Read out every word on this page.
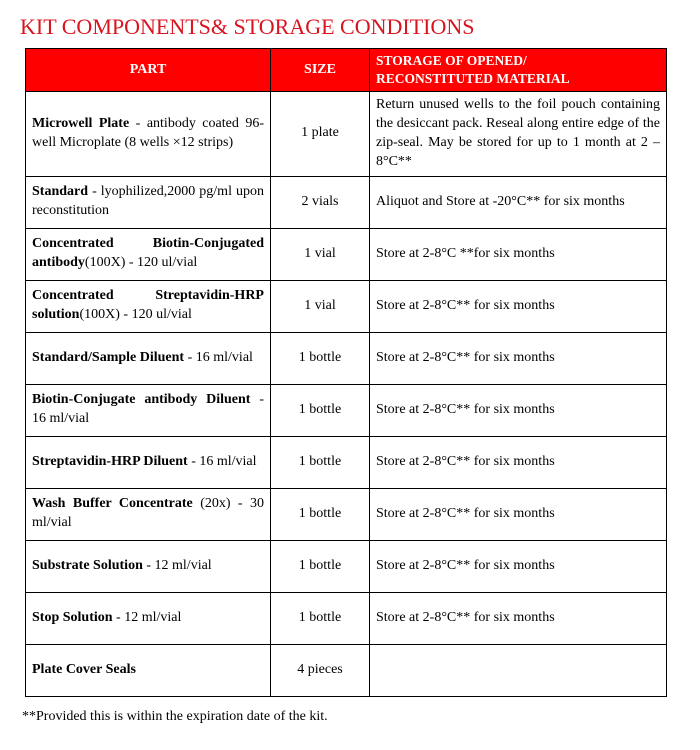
KIT COMPONENTS& STORAGE CONDITIONS
PART	SIZE	STORAGE OF OPENED/
RECONSTITUTED MATERIAL
Microwell Plate - antibody coated 96-well Microplate (8 wells ×12 strips)	1 plate	Return unused wells to the foil pouch containing the desiccant pack. Reseal along entire edge of the zip-seal. May be stored for up to 1 month at 2 – 8°C**
Standard - lyophilized,2000 pg/ml upon reconstitution	2 vials	Aliquot and Store at -20°C** for six months
Concentrated Biotin-Conjugated antibody(100X) - 120 ul/vial	1 vial	Store at 2-8°C **for six months
Concentrated Streptavidin-HRP solution(100X) - 120 ul/vial	1 vial	Store at 2-8°C** for six months
Standard/Sample Diluent - 16 ml/vial	1 bottle	Store at 2-8°C** for six months
Biotin-Conjugate antibody Diluent - 16 ml/vial	1 bottle	Store at 2-8°C** for six months
Streptavidin-HRP Diluent - 16 ml/vial	1 bottle	Store at 2-8°C** for six months
Wash Buffer Concentrate (20x) - 30 ml/vial	1 bottle	Store at 2-8°C** for six months
Substrate Solution - 12 ml/vial	1 bottle	Store at 2-8°C** for six months
Stop Solution - 12 ml/vial	1 bottle	Store at 2-8°C** for six months
Plate Cover Seals	4 pieces	

**Provided this is within the expiration date of the kit.
